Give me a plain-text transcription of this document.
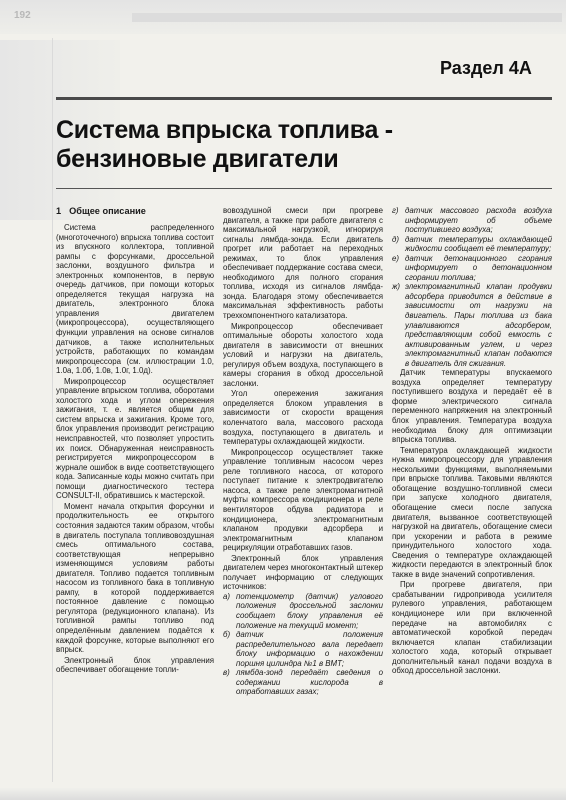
192
Раздел 4A
Система впрыска топлива -
бензиновые двигатели
1 Общее описание

Система распределенного (многоточечного) впрыска топлива состоит из впускного коллектора, топливной рампы с форсунками, дроссельной заслонки, воздушного фильтра и электронных компонентов, в первую очередь датчиков, при помощи которых определяется текущая нагрузка на двигатель, электронного блока управления двигателем (микропроцессора), осуществляющего функции управления на основе сигналов датчиков, а также исполнительных устройств, работающих по командам микропроцессора (см. иллюстрации 1.0, 1.0а, 1.0б, 1.0в, 1.0г, 1.0д).

Микропроцессор осуществляет управление впрыском топлива, оборотами холостого хода и углом опережения зажигания, т. е. является общим для систем впрыска и зажигания. Кроме того, блок управления производит регистрацию неисправностей, что позволяет упростить их поиск. Обнаруженная неисправность регистрируется микропроцессором в журнале ошибок в виде соответствующего кода. Записанные коды можно считать при помощи диагностического тестера CONSULT-II, обратившись к мастерской.

Момент начала открытия форсунки и продолжительность ее открытого состояния задаются таким образом, чтобы в двигатель поступала топливовоздушная смесь оптимального состава, соответствующая непрерывно изменяющимся условиям работы двигателя. Топливо подается топливным насосом из топливного бака в топливную рампу, в которой поддерживается постоянное давление с помощью регулятора (редукционного клапана). Из топливной рампы топливо под определённым давлением подаётся к каждой форсунке, которые выполняют его впрыск.

Электронный блок управления обеспечивает обогащение топли-

вовоздушной смеси при прогреве двигателя, а также при работе двигателя с максимальной нагрузкой, игнорируя сигналы лямбда-зонда. Если двигатель прогрет или работает на переходных режимах, то блок управления обеспечивает поддержание состава смеси, необходимого для полного сгорания топлива, исходя из сигналов лямбда-зонда. Благодаря этому обеспечивается максимальная эффективность работы трехкомпонентного катализатора.

Микропроцессор обеспечивает оптимальные обороты холостого хода двигателя в зависимости от внешних условий и нагрузки на двигатель, регулируя объем воздуха, поступающего в камеры сгорания в обход дроссельной заслонки.

Угол опережения зажигания определяется блоком управления в зависимости от скорости вращения коленчатого вала, массового расхода воздуха, поступающего в двигатель и температуры охлаждающей жидкости.

Микропроцессор осуществляет также управление топливным насосом через реле топливного насоса, от которого поступает питание к электродвигателю насоса, а также реле электромагнитной муфты компрессора кондиционера и реле вентиляторов обдува радиатора и кондиционера, электромагнитным клапаном продувки адсорбера и электромагнитным клапаном рециркуляции отработавших газов.

Электронный блок управления двигателем через многоконтактный штекер получает информацию от следующих источников:

а) потенциометр (датчик) углового положения дроссельной заслонки сообщает блоку управления её положение на текущий момент;
б) датчик положения распределительного вала передает блоку информацию о нахождении поршня цилиндра №1 в ВМТ;
в) лямбда-зонд передаёт сведения о содержании кислорода в отработавших газах;
г) датчик массового расхода воздуха информирует об объеме поступившего воздуха;
д) датчик температуры охлаждающей жидкости сообщает её температуру;
е) датчик детонационного сгорания информирует о детонационном сгорании топлива;
ж) электромагнитный клапан продувки адсорбера приводится в действие в зависимости от нагрузки на двигатель. Пары топлива из бака улавливаются адсорбером, представляющим собой емкость с активированным углем, и через электромагнитный клапан подаются в двигатель для сжигания.

Датчик температуры впускаемого воздуха определяет температуру поступившего воздуха и передаёт её в форме электрического сигнала переменного напряжения на электронный блок управления. Температура воздуха необходима блоку для оптимизации впрыска топлива.

Температура охлаждающей жидкости нужна микропроцессору для управления несколькими функциями, выполняемыми при впрыске топлива. Таковыми являются обогащение воздушно-топливной смеси при запуске холодного двигателя, обогащение смеси после запуска двигателя, вызванное соответствующей нагрузкой на двигатель, обогащение смеси при ускорении и работа в режиме принудительного холостого хода. Сведения о температуре охлаждающей жидкости передаются в электронный блок также в виде значений сопротивления.

При прогреве двигателя, при срабатывании гидропривода усилителя рулевого управления, работающем кондиционере или при включенной передаче на автомобилях с автоматической коробкой передач включается клапан стабилизации холостого хода, который открывает дополнительный канал подачи воздуха в обход дроссельной заслонки.
